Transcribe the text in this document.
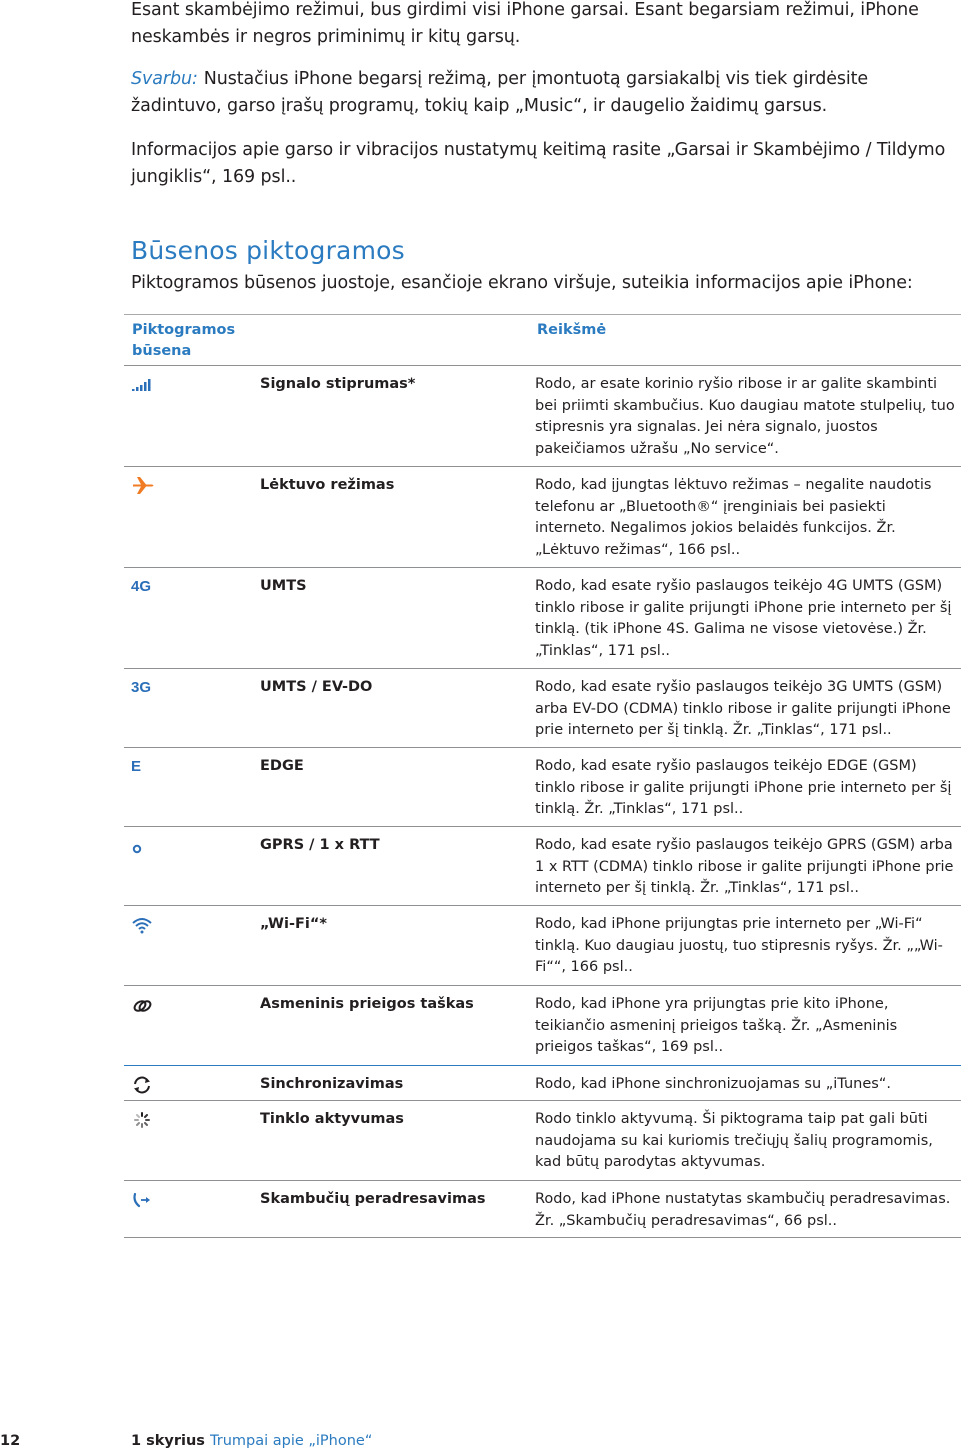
Esant skambėjimo režimui, bus girdimi visi iPhone garsai. Esant begarsiam režimui, iPhone neskambės ir negros priminimų ir kitų garsų.

Svarbu: Nustačius iPhone begarsį režimą, per įmontuotą garsiakalbį vis tiek girdėsite žadintuvo, garso įrašų programų, tokių kaip „Music“, ir daugelio žaidimų garsus.

Informacijos apie garso ir vibracijos nustatymų keitimą rasite „Garsai ir Skambėjimo / Tildymo jungiklis“, 169 psl..

Būsenos piktogramos

Piktogramos būsenos juostoje, esančioje ekrano viršuje, suteikia informacijos apie iPhone:

Piktogramos būsena
Reikšmė
Signalo stiprumas*	Rodo, ar esate korinio ryšio ribose ir ar galite skambinti bei priimti skambučius. Kuo daugiau matote stulpelių, tuo stipresnis yra signalas. Jei nėra signalo, juostos pakeičiamos užrašu „No service“.
Lėktuvo režimas	Rodo, kad įjungtas lėktuvo režimas – negalite naudotis telefonu ar „Bluetooth®“ įrenginiais bei pasiekti interneto. Negalimos jokios belaidės funkcijos. Žr. „Lėktuvo režimas“, 166 psl..
4G	UMTS	Rodo, kad esate ryšio paslaugos teikėjo 4G UMTS (GSM) tinklo ribose ir galite prijungti iPhone prie interneto per šį tinklą. (tik iPhone 4S. Galima ne visose vietovėse.) Žr. „Tinklas“, 171 psl..
3G	UMTS / EV-DO	Rodo, kad esate ryšio paslaugos teikėjo 3G UMTS (GSM) arba EV-DO (CDMA) tinklo ribose ir galite prijungti iPhone prie interneto per šį tinklą. Žr. „Tinklas“, 171 psl..
E	EDGE	Rodo, kad esate ryšio paslaugos teikėjo EDGE (GSM) tinklo ribose ir galite prijungti iPhone prie interneto per šį tinklą. Žr. „Tinklas“, 171 psl..
GPRS / 1 x RTT	Rodo, kad esate ryšio paslaugos teikėjo GPRS (GSM) arba 1 x RTT (CDMA) tinklo ribose ir galite prijungti iPhone prie interneto per šį tinklą. Žr. „Tinklas“, 171 psl..
„Wi-Fi“*	Rodo, kad iPhone prijungtas prie interneto per „Wi-Fi“ tinklą. Kuo daugiau juostų, tuo stipresnis ryšys. Žr. „„Wi-Fi““, 166 psl..
Asmeninis prieigos taškas	Rodo, kad iPhone yra prijungtas prie kito iPhone, teikiančio asmeninį prieigos tašką. Žr. „Asmeninis prieigos taškas“, 169 psl..
Sinchronizavimas	Rodo, kad iPhone sinchronizuojamas su „iTunes“.
Tinklo aktyvumas	Rodo tinklo aktyvumą. Ši piktograma taip pat gali būti naudojama su kai kuriomis trečiųjų šalių programomis, kad būtų parodytas aktyvumas.
Skambučių peradresavimas	Rodo, kad iPhone nustatytas skambučių peradresavimas. Žr. „Skambučių peradresavimas“, 66 psl..
12	1 skyrius Trumpai apie „iPhone“
